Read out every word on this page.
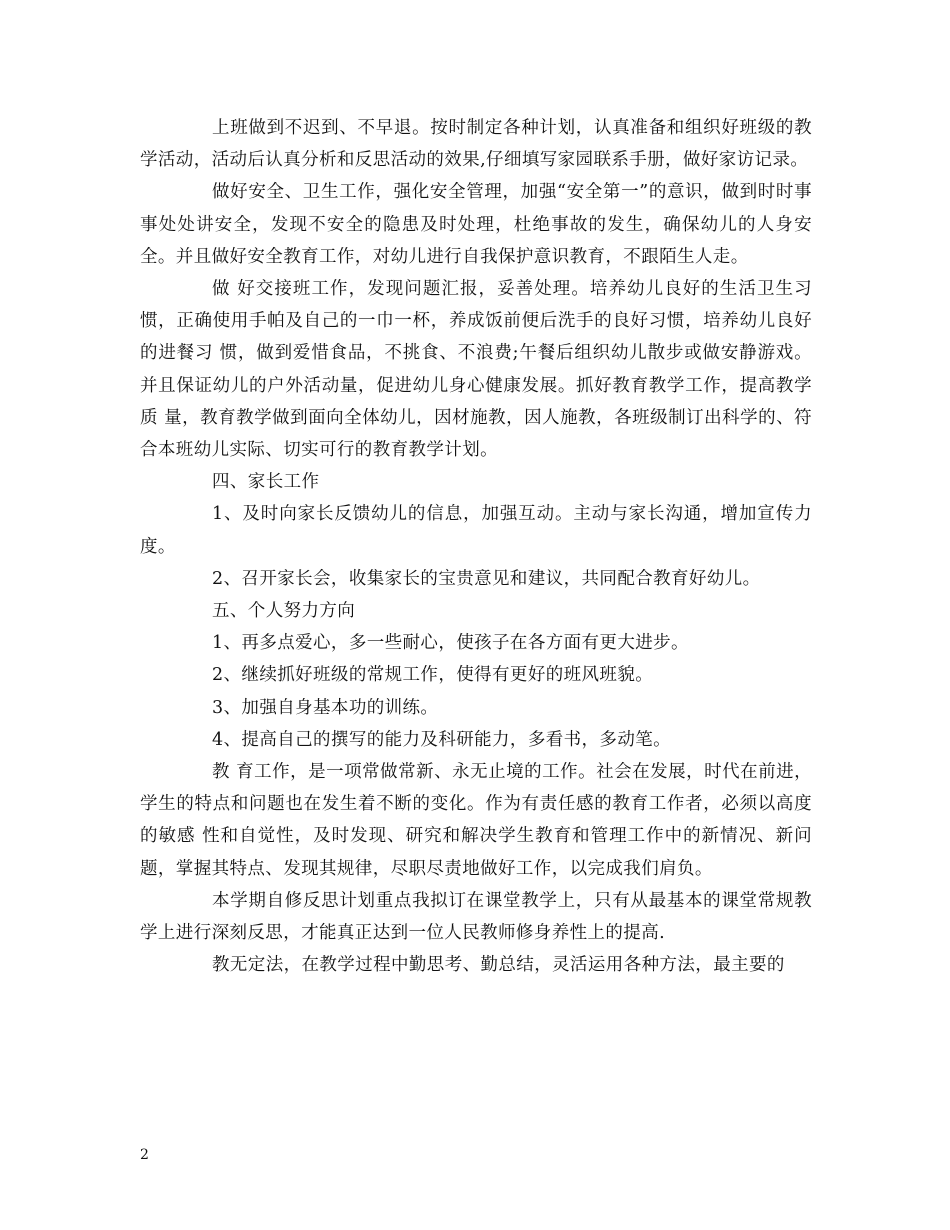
上班做到不迟到、不早退。按时制定各种计划，认真准备和组织好班级的教学活动，活动后认真分析和反思活动的效果,仔细填写家园联系手册，做好家访记录。

做好安全、卫生工作，强化安全管理，加强“安全第一”的意识，做到时时事事处处讲安全，发现不安全的隐患及时处理，杜绝事故的发生，确保幼儿的人身安全。并且做好安全教育工作，对幼儿进行自我保护意识教育，不跟陌生人走。

做 好交接班工作，发现问题汇报，妥善处理。培养幼儿良好的生活卫生习惯，正确使用手帕及自己的一巾一杯，养成饭前便后洗手的良好习惯，培养幼儿良好的进餐习 惯，做到爱惜食品，不挑食、不浪费;午餐后组织幼儿散步或做安静游戏。并且保证幼儿的户外活动量，促进幼儿身心健康发展。抓好教育教学工作，提高教学质 量，教育教学做到面向全体幼儿，因材施教，因人施教，各班级制订出科学的、符合本班幼儿实际、切实可行的教育教学计划。

四、家长工作

1、及时向家长反馈幼儿的信息，加强互动。主动与家长沟通，增加宣传力度。

2、召开家长会，收集家长的宝贵意见和建议，共同配合教育好幼儿。

五、个人努力方向

1、再多点爱心，多一些耐心，使孩子在各方面有更大进步。

2、继续抓好班级的常规工作，使得有更好的班风班貌。

3、加强自身基本功的训练。

4、提高自己的撰写的能力及科研能力，多看书，多动笔。

教 育工作，是一项常做常新、永无止境的工作。社会在发展，时代在前进，学生的特点和问题也在发生着不断的变化。作为有责任感的教育工作者，必须以高度的敏感 性和自觉性，及时发现、研究和解决学生教育和管理工作中的新情况、新问题，掌握其特点、发现其规律，尽职尽责地做好工作，以完成我们肩负。

本学期自修反思计划重点我拟订在课堂教学上，只有从最基本的课堂常规教学上进行深刻反思，才能真正达到一位人民教师修身养性上的提高.

教无定法，在教学过程中勤思考、勤总结，灵活运用各种方法，最主要的

2
